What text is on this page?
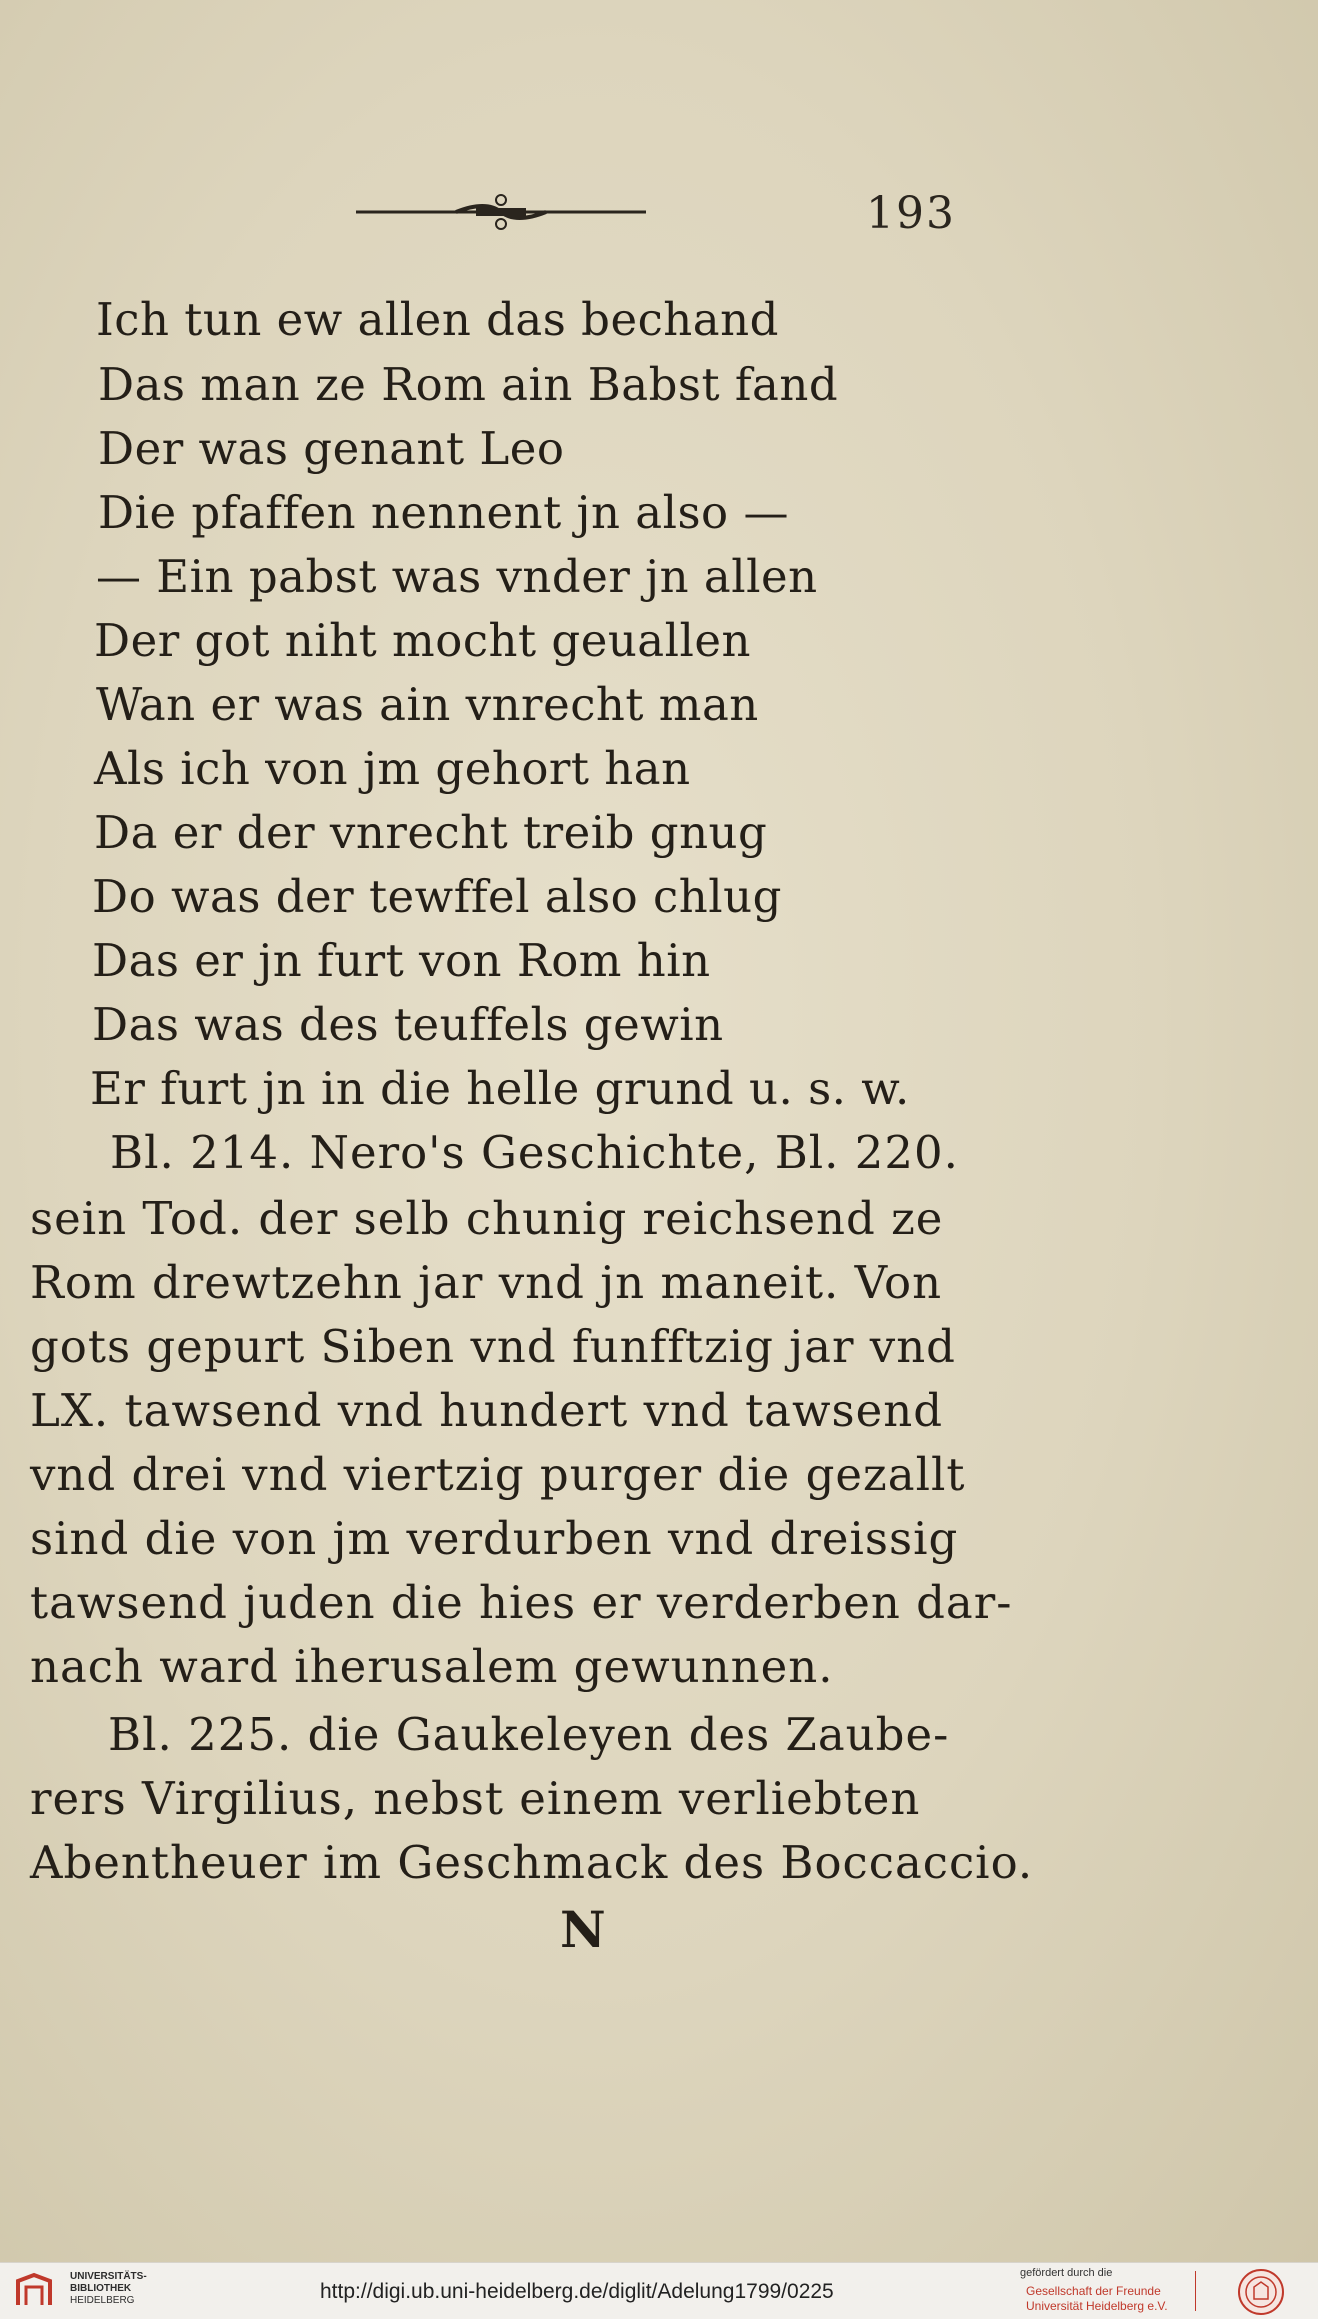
193
Ich tun ew allen das bechand
Das man ze Rom ain Babst fand
Der was genant Leo
Die pfaffen nennent jn also —
— Ein pabst was vnder jn allen
Der got niht mocht geuallen
Wan er was ain vnrecht man
Als ich von jm gehort han
Da er der vnrecht treib gnug
Do was der tewffel also chlug
Das er jn furt von Rom hin
Das was des teuffels gewin
Er furt jn in die helle grund u. s. w.
Bl. 214. Nero's Geschichte, Bl. 220.
sein Tod. der selb chunig reichsend ze
Rom drewtzehn jar vnd jn maneit. Von
gots gepurt Siben vnd funfftzig jar vnd
LX. tawsend vnd hundert vnd tawsend
vnd drei vnd viertzig purger die gezallt
sind die von jm verdurben vnd dreissig
tawsend juden die hies er verderben dar-
nach ward iherusalem gewunnen.
Bl. 225. die Gaukeleyen des Zaube-
rers Virgilius, nebst einem verliebten
Abentheuer im Geschmack des Boccaccio.
N
UNIVERSITÄTS-
BIBLIOTHEK
HEIDELBERG	http://digi.ub.uni-heidelberg.de/diglit/Adelung1799/0225
gefördert durch die
Gesellschaft der Freunde
Universität Heidelberg e.V.
